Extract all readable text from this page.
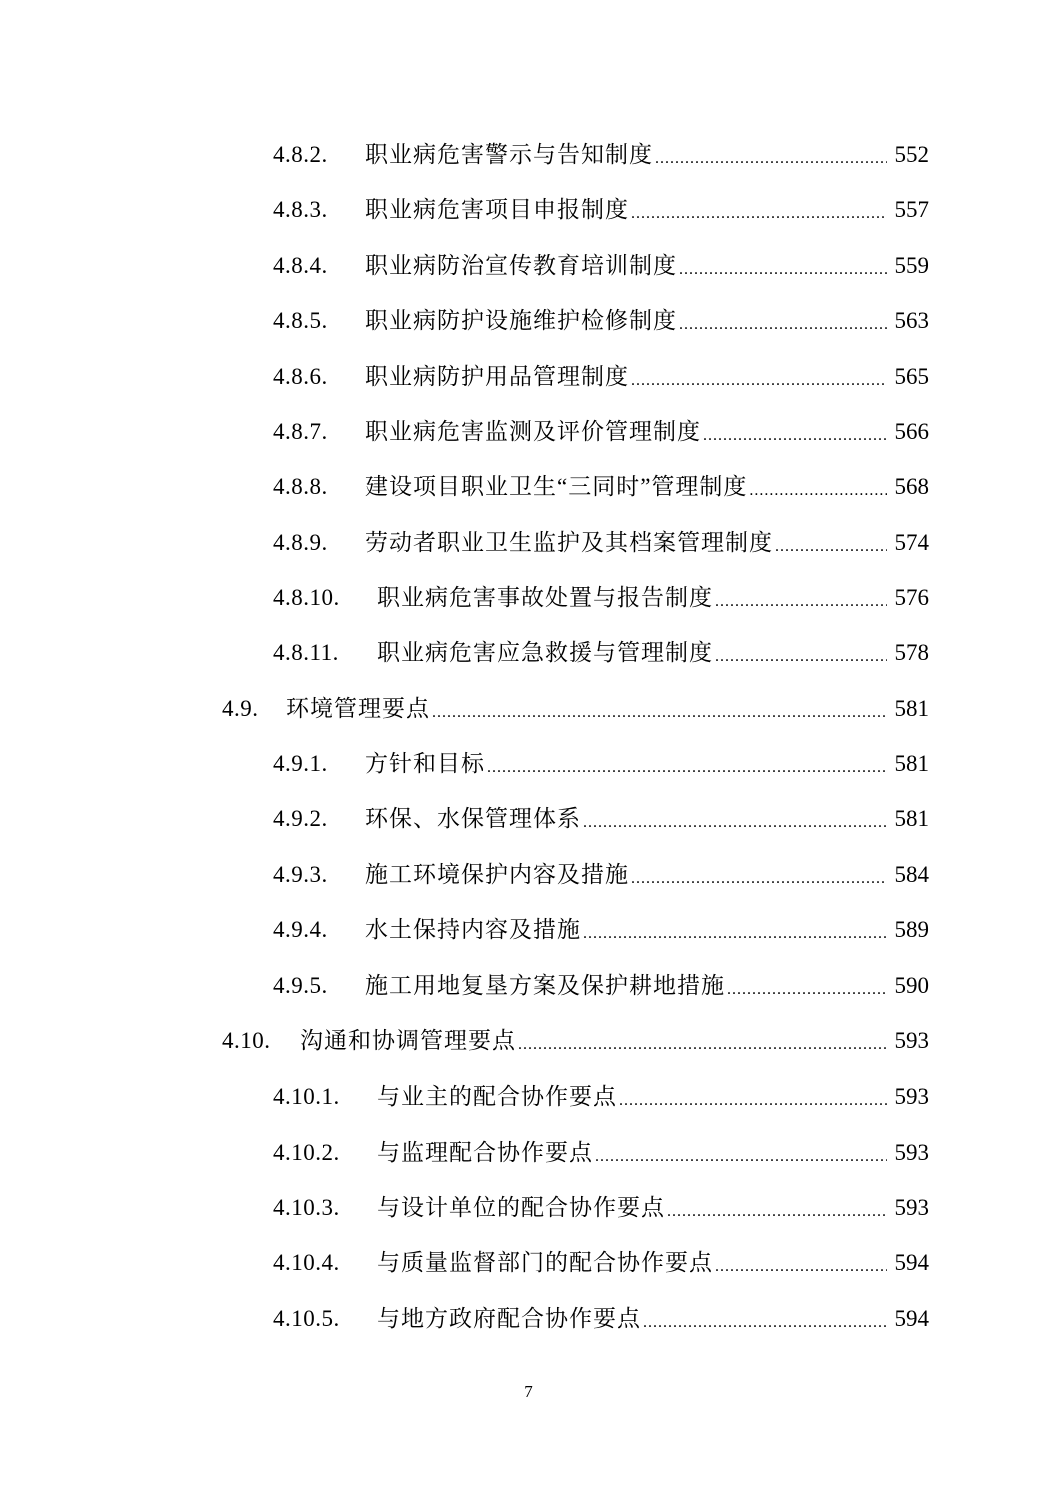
4.8.2.	职业病危害警示与告知制度 .....	552
4.8.3.	职业病危害项目申报制度 .....	557
4.8.4.	职业病防治宣传教育培训制度 .....	559
4.8.5.	职业病防护设施维护检修制度 .....	563
4.8.6.	职业病防护用品管理制度 .....	565
4.8.7.	职业病危害监测及评价管理制度 .....	566
4.8.8.	建设项目职业卫生“三同时”管理制度 .....	568
4.8.9.	劳动者职业卫生监护及其档案管理制度 .....	574
4.8.10.	职业病危害事故处置与报告制度 .....	576
4.8.11.	职业病危害应急救援与管理制度 .....	578
4.9.	环境管理要点 .....	581
4.9.1.	方针和目标 .....	581
4.9.2.	环保、水保管理体系 .....	581
4.9.3.	施工环境保护内容及措施 .....	584
4.9.4.	水土保持内容及措施 .....	589
4.9.5.	施工用地复垦方案及保护耕地措施 .....	590
4.10.	沟通和协调管理要点 .....	593
4.10.1.	与业主的配合协作要点 .....	593
4.10.2.	与监理配合协作要点 .....	593
4.10.3.	与设计单位的配合协作要点 .....	593
4.10.4.	与质量监督部门的配合协作要点 .....	594
4.10.5.	与地方政府配合协作要点 .....	594
7
